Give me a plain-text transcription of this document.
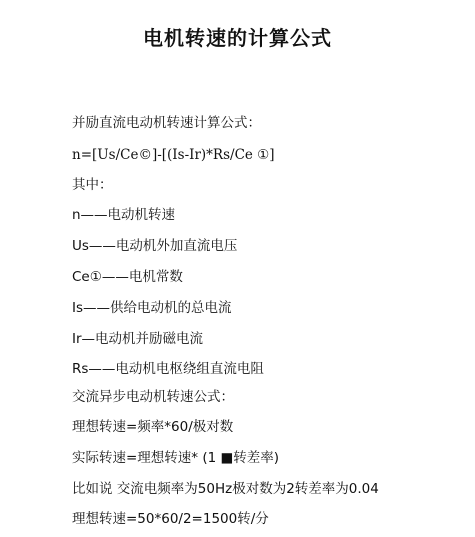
电机转速的计算公式
并励直流电动机转速计算公式：
n=[Us/Ce©]-[(Is-Ir)*Rs/Ce ①]
其中：
n——电动机转速
Us——电动机外加直流电压
Ce①——电机常数
Is——供给电动机的总电流
Ir—电动机并励磁电流
Rs——电动机电枢绕组直流电阻
交流异步电动机转速公式：
理想转速=频率*60/极对数
实际转速=理想转速* (1 ■转差率)
比如说 交流电频率为50Hz极对数为2转差率为0.04
理想转速=50*60/2=1500转/分
